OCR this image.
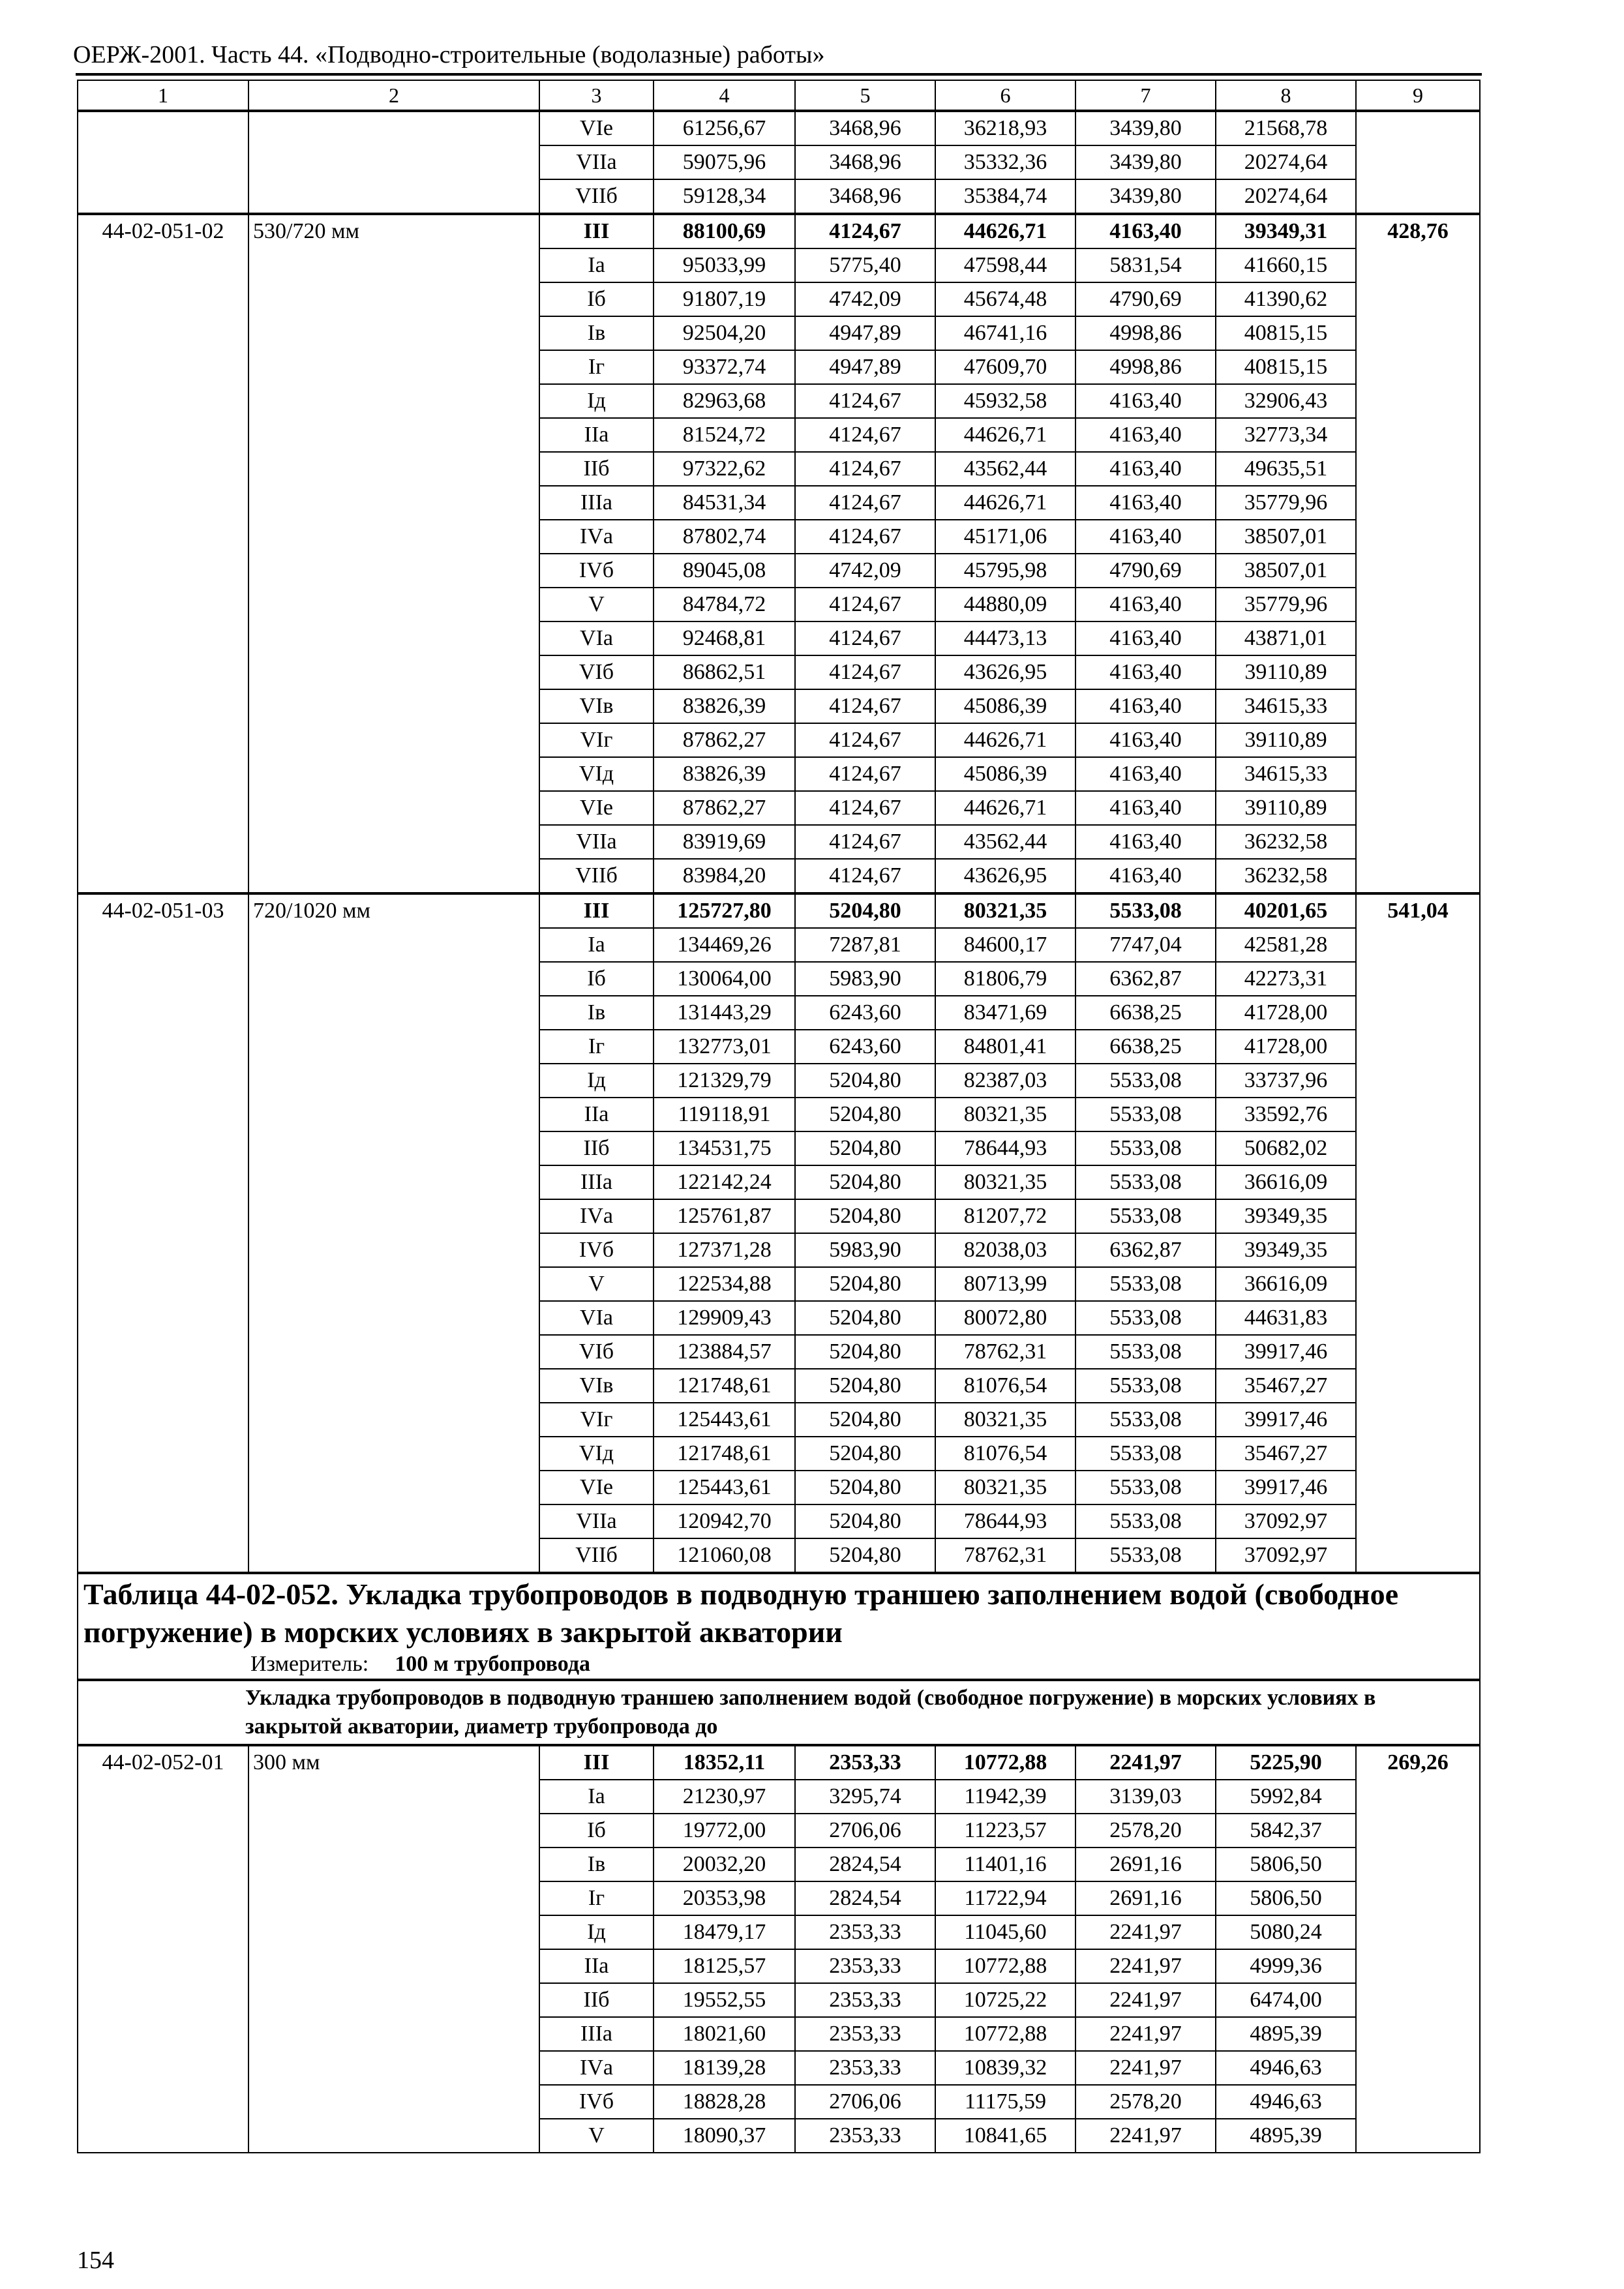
ОЕРЖ-2001. Часть 44. «Подводно-строительные (водолазные) работы»
1	2	3	4	5	6	7	8	9
		VIе	61256,67	3468,96	36218,93	3439,80	21568,78	
		VIIа	59075,96	3468,96	35332,36	3439,80	20274,64	
		VIIб	59128,34	3468,96	35384,74	3439,80	20274,64	
44-02-051-02	530/720 мм	III	88100,69	4124,67	44626,71	4163,40	39349,31	428,76
		Iа	95033,99	5775,40	47598,44	5831,54	41660,15	
		Iб	91807,19	4742,09	45674,48	4790,69	41390,62	
		Iв	92504,20	4947,89	46741,16	4998,86	40815,15	
		Iг	93372,74	4947,89	47609,70	4998,86	40815,15	
		Iд	82963,68	4124,67	45932,58	4163,40	32906,43	
		IIа	81524,72	4124,67	44626,71	4163,40	32773,34	
		IIб	97322,62	4124,67	43562,44	4163,40	49635,51	
		IIIа	84531,34	4124,67	44626,71	4163,40	35779,96	
		IVа	87802,74	4124,67	45171,06	4163,40	38507,01	
		IVб	89045,08	4742,09	45795,98	4790,69	38507,01	
		V	84784,72	4124,67	44880,09	4163,40	35779,96	
		VIа	92468,81	4124,67	44473,13	4163,40	43871,01	
		VIб	86862,51	4124,67	43626,95	4163,40	39110,89	
		VIв	83826,39	4124,67	45086,39	4163,40	34615,33	
		VIг	87862,27	4124,67	44626,71	4163,40	39110,89	
		VIд	83826,39	4124,67	45086,39	4163,40	34615,33	
		VIе	87862,27	4124,67	44626,71	4163,40	39110,89	
		VIIа	83919,69	4124,67	43562,44	4163,40	36232,58	
		VIIб	83984,20	4124,67	43626,95	4163,40	36232,58	
44-02-051-03	720/1020 мм	III	125727,80	5204,80	80321,35	5533,08	40201,65	541,04
		Iа	134469,26	7287,81	84600,17	7747,04	42581,28	
		Iб	130064,00	5983,90	81806,79	6362,87	42273,31	
		Iв	131443,29	6243,60	83471,69	6638,25	41728,00	
		Iг	132773,01	6243,60	84801,41	6638,25	41728,00	
		Iд	121329,79	5204,80	82387,03	5533,08	33737,96	
		IIа	119118,91	5204,80	80321,35	5533,08	33592,76	
		IIб	134531,75	5204,80	78644,93	5533,08	50682,02	
		IIIа	122142,24	5204,80	80321,35	5533,08	36616,09	
		IVа	125761,87	5204,80	81207,72	5533,08	39349,35	
		IVб	127371,28	5983,90	82038,03	6362,87	39349,35	
		V	122534,88	5204,80	80713,99	5533,08	36616,09	
		VIа	129909,43	5204,80	80072,80	5533,08	44631,83	
		VIб	123884,57	5204,80	78762,31	5533,08	39917,46	
		VIв	121748,61	5204,80	81076,54	5533,08	35467,27	
		VIг	125443,61	5204,80	80321,35	5533,08	39917,46	
		VIд	121748,61	5204,80	81076,54	5533,08	35467,27	
		VIе	125443,61	5204,80	80321,35	5533,08	39917,46	
		VIIа	120942,70	5204,80	78644,93	5533,08	37092,97	
		VIIб	121060,08	5204,80	78762,31	5533,08	37092,97	

Таблица 44-02-052. Укладка трубопроводов в подводную траншею заполнением водой (свободное погружение) в морских условиях в закрытой акватории
Измеритель: 100 м трубопровода								

Укладка трубопроводов в подводную траншею заполнением водой (свободное погружение) в морских условиях в закрытой акватории, диаметр трубопровода до								
44-02-052-01	300 мм	III	18352,11	2353,33	10772,88	2241,97	5225,90	269,26
		Iа	21230,97	3295,74	11942,39	3139,03	5992,84	
		Iб	19772,00	2706,06	11223,57	2578,20	5842,37	
		Iв	20032,20	2824,54	11401,16	2691,16	5806,50	
		Iг	20353,98	2824,54	11722,94	2691,16	5806,50	
		Iд	18479,17	2353,33	11045,60	2241,97	5080,24	
		IIа	18125,57	2353,33	10772,88	2241,97	4999,36	
		IIб	19552,55	2353,33	10725,22	2241,97	6474,00	
		IIIа	18021,60	2353,33	10772,88	2241,97	4895,39	
		IVа	18139,28	2353,33	10839,32	2241,97	4946,63	
		IVб	18828,28	2706,06	11175,59	2578,20	4946,63	
		V	18090,37	2353,33	10841,65	2241,97	4895,39	
154
